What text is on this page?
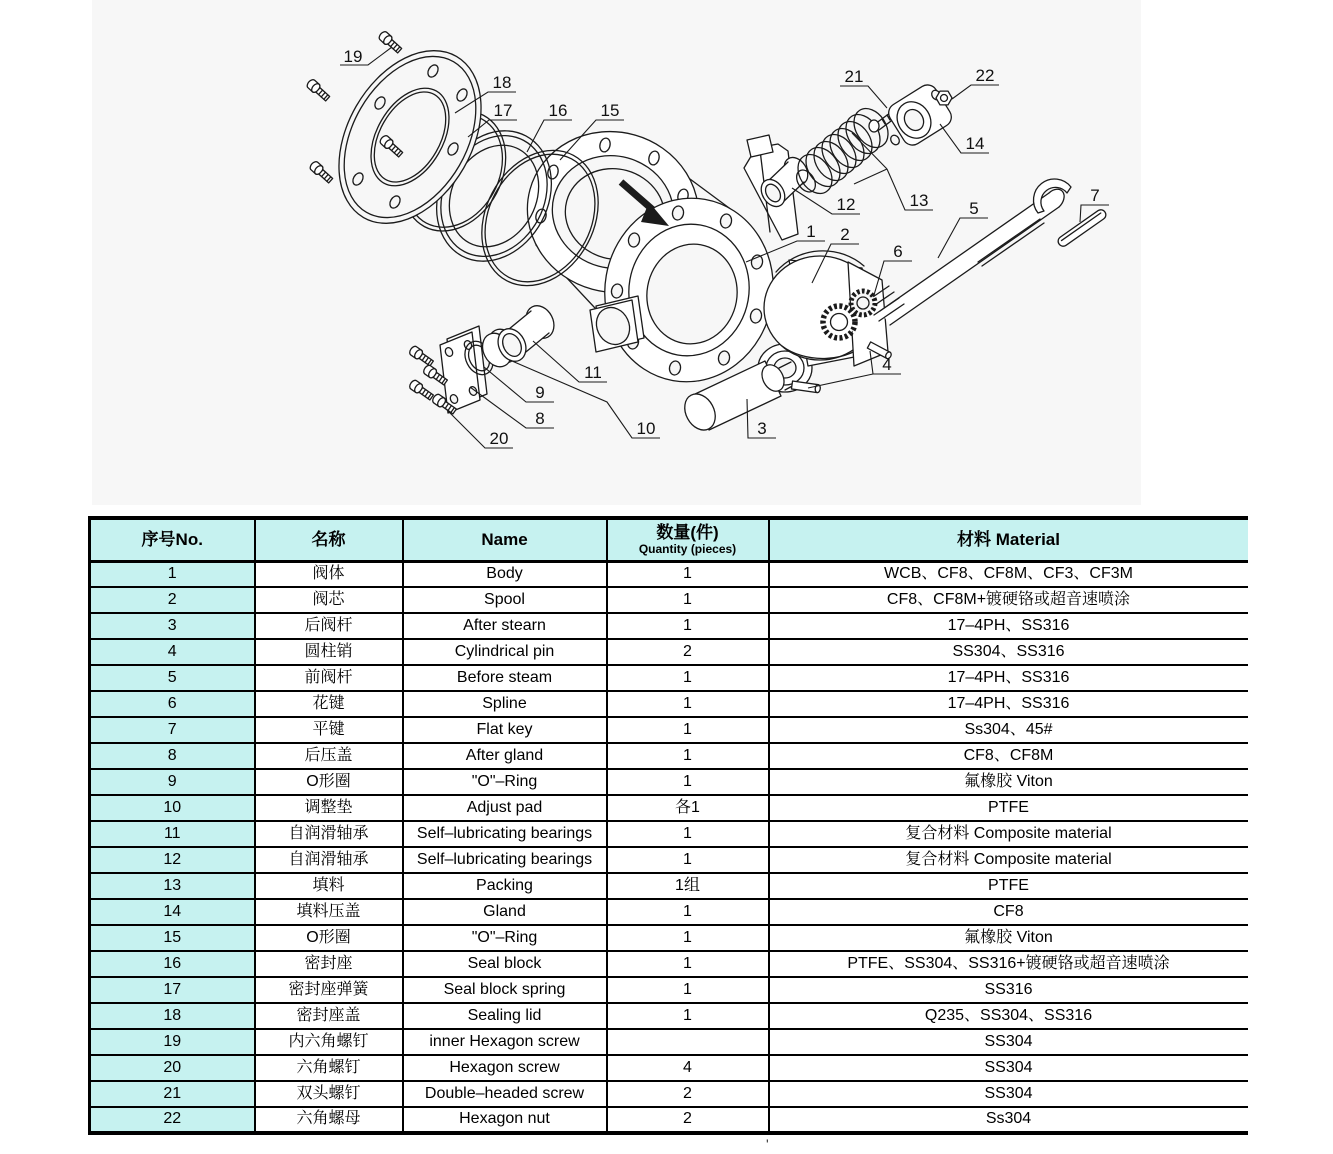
1 2
3
4
5
6
7
8
9
10
11
12	13
14
15
16
17
18
19
20
21	22
序号No.	名称	Name	数量(件)
Quantity (pieces)	材料 Material
1	阀体	Body	1	WCB、CF8、CF8M、CF3、CF3M
2	阀芯	Spool	1	CF8、CF8M+镀硬铬或超音速喷涂
3	后阀杆	After stearn	1	17–4PH、SS316
4	圆柱销	Cylindrical pin	2	SS304、SS316
5	前阀杆	Before steam	1	17–4PH、SS316
6	花键	Spline	1	17–4PH、SS316
7	平键	Flat key	1	Ss304、45#
8	后压盖	After gland	1	CF8、CF8M
9	O形圈	"O"–Ring	1	氟橡胶 Viton
10	调整垫	Adjust pad	各1	PTFE
11	自润滑轴承	Self–lubricating bearings	1	复合材料 Composite material
12	自润滑轴承	Self–lubricating bearings	1	复合材料 Composite material
13	填料	Packing	1组	PTFE
14	填料压盖	Gland	1	CF8
15	O形圈	"O"–Ring	1	氟橡胶 Viton
16	密封座	Seal block	1	PTFE、SS304、SS316+镀硬铬或超音速喷涂
17	密封座弹簧	Seal block spring	1	SS316
18	密封座盖	Sealing lid	1	Q235、SS304、SS316
19	内六角螺钉	inner Hexagon screw		SS304
20	六角螺钉	Hexagon screw	4	SS304
21	双头螺钉	Double–headed screw	2	SS304
22	六角螺母	Hexagon nut	2	Ss304
'
